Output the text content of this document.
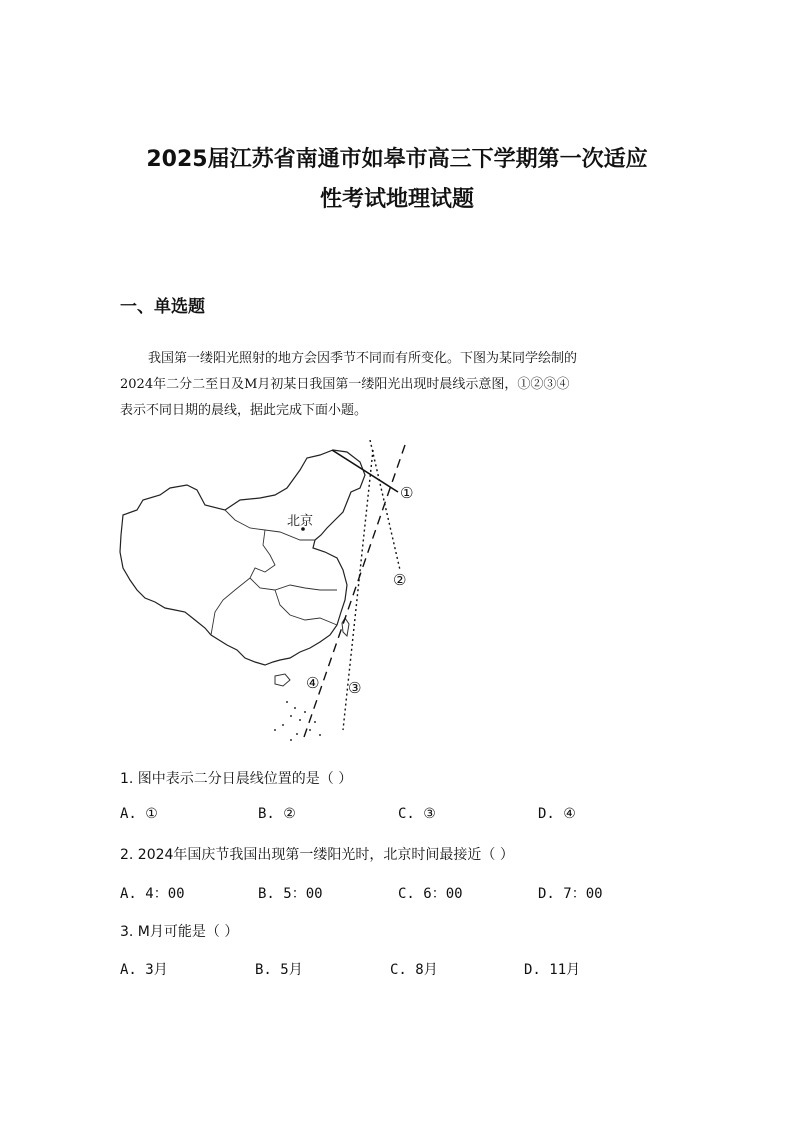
2025届江苏省南通市如皋市高三下学期第一次适应
性考试地理试题
一、单选题
我国第一缕阳光照射的地方会因季节不同而有所变化。下图为某同学绘制的
2024年二分二至日及M月初某日我国第一缕阳光出现时晨线示意图，①②③④
表示不同日期的晨线，据此完成下面小题。
北京
①
②
③
④
1. 图中表示二分日晨线位置的是（ ）
A. ①	B. ②	C. ③	D. ④
2. 2024年国庆节我国出现第一缕阳光时，北京时间最接近（ ）
A. 4：00	B. 5：00	C. 6：00	D. 7：00
3. M月可能是（ ）
A. 3月	B. 5月	C. 8月	D. 11月
